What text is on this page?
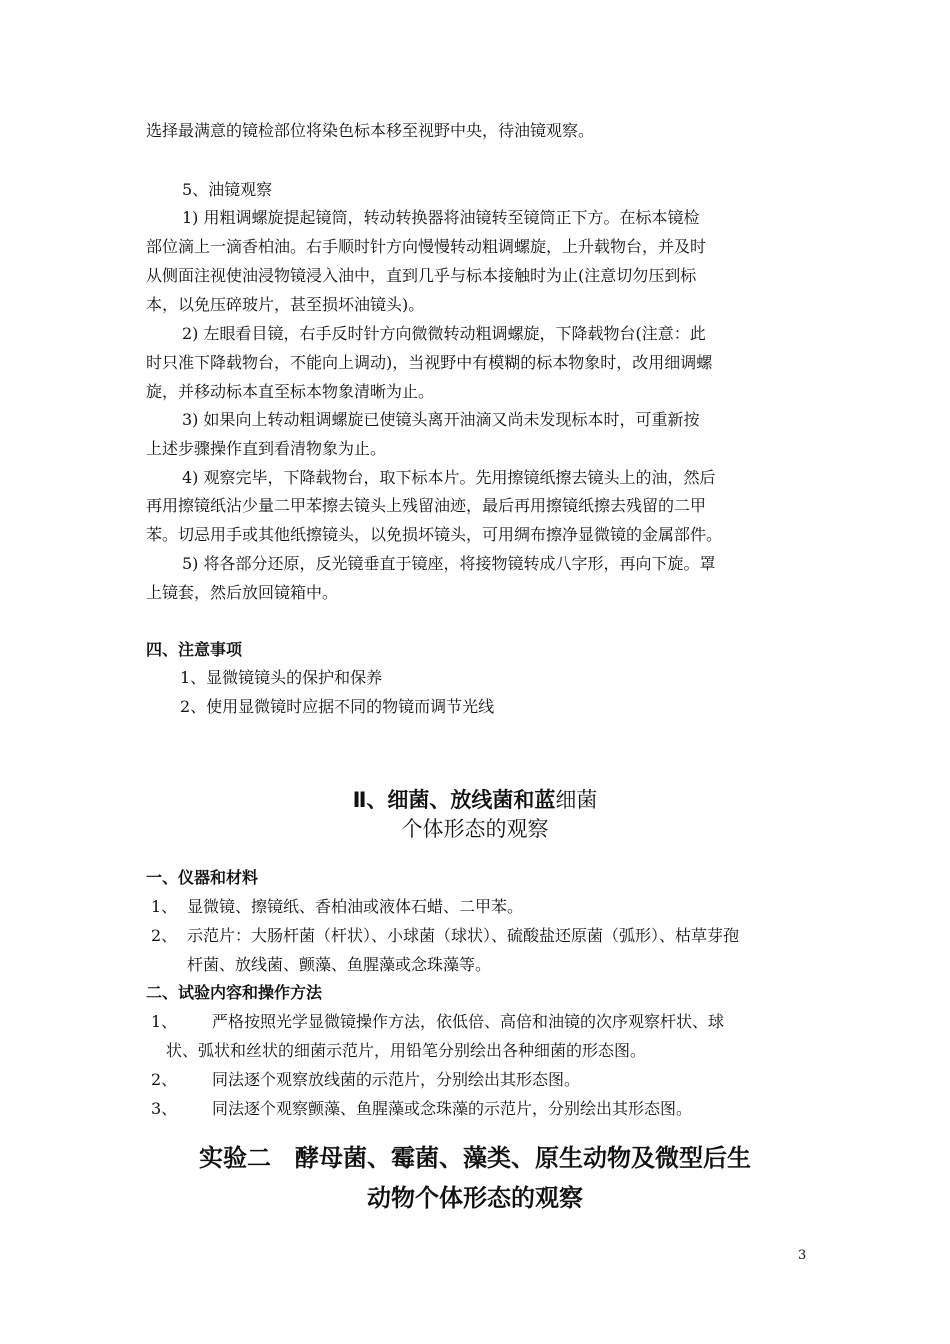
选择最满意的镜检部位将染色标本移至视野中央，待油镜观察。
5、油镜观察
1) 用粗调螺旋提起镜筒，转动转换器将油镜转至镜筒正下方。在标本镜检
部位滴上一滴香柏油。右手顺时针方向慢慢转动粗调螺旋，上升载物台，并及时
从侧面注视使油浸物镜浸入油中，直到几乎与标本接触时为止(注意切勿压到标
本，以免压碎玻片，甚至损坏油镜头)。
2) 左眼看目镜，右手反时针方向微微转动粗调螺旋，下降载物台(注意：此
时只准下降载物台，不能向上调动)，当视野中有模糊的标本物象时，改用细调螺
旋，并移动标本直至标本物象清晰为止。
3) 如果向上转动粗调螺旋已使镜头离开油滴又尚未发现标本时，可重新按
上述步骤操作直到看清物象为止。
4) 观察完毕，下降载物台，取下标本片。先用擦镜纸擦去镜头上的油，然后
再用擦镜纸沾少量二甲苯擦去镜头上残留油迹，最后再用擦镜纸擦去残留的二甲
苯。切忌用手或其他纸擦镜头，以免损坏镜头，可用绸布擦净显微镜的金属部件。
5) 将各部分还原，反光镜垂直于镜座，将接物镜转成八字形，再向下旋。罩
上镜套，然后放回镜箱中。
四、注意事项
1、显微镜镜头的保护和保养
2、使用显微镜时应据不同的物镜而调节光线
Ⅱ、细菌、放线菌和蓝细菌
个体形态的观察
一、仪器和材料
1、 显微镜、擦镜纸、香柏油或液体石蜡、二甲苯。
2、 示范片：大肠杆菌（杆状）、小球菌（球状）、硫酸盐还原菌（弧形）、枯草芽孢
杆菌、放线菌、颤藻、鱼腥藻或念珠藻等。
二、试验内容和操作方法
1、 严格按照光学显微镜操作方法，依低倍、高倍和油镜的次序观察杆状、球
状、弧状和丝状的细菌示范片，用铅笔分别绘出各种细菌的形态图。
2、 同法逐个观察放线菌的示范片，分别绘出其形态图。
3、 同法逐个观察颤藻、鱼腥藻或念珠藻的示范片，分别绘出其形态图。
实验二　酵母菌、霉菌、藻类、原生动物及微型后生
动物个体形态的观察
3
